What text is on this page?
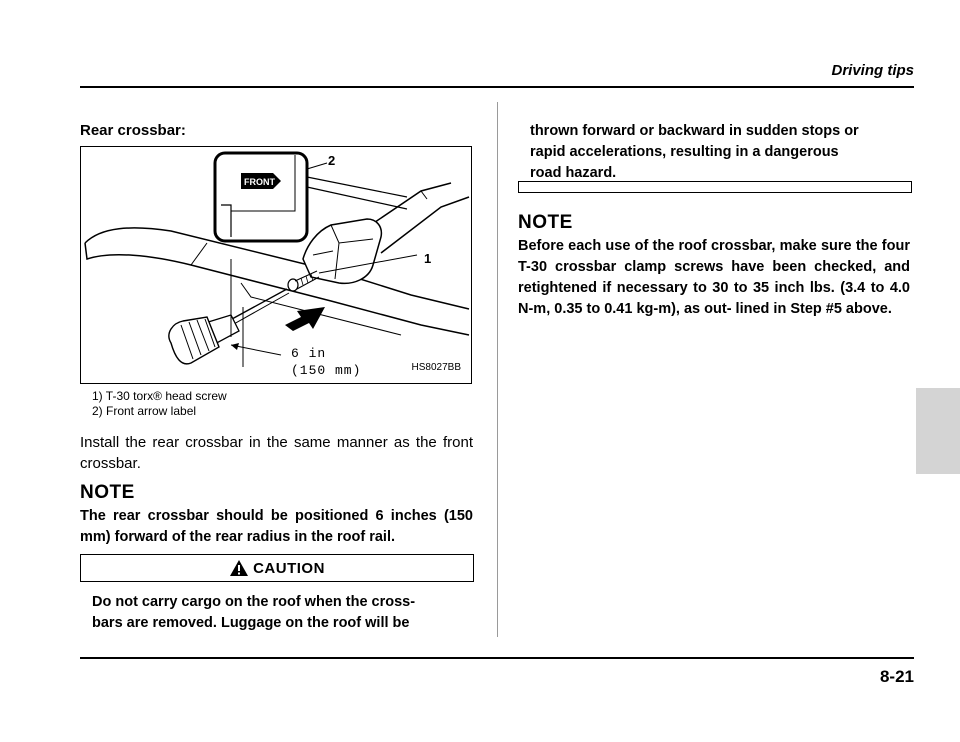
Driving tips
Rear crossbar:
FRONT
2
1
6 in
(150 mm)	HS8027BB
1) T-30 torx® head screw
2) Front arrow label
Install the rear crossbar in the same manner as the front crossbar.
NOTE
The rear crossbar should be positioned 6 inches (150 mm) forward of the rear radius in the roof rail.
CAUTION
Do not carry cargo on the roof when the cross-
bars are removed. Luggage on the roof will be
thrown forward or backward in sudden stops or
rapid accelerations, resulting in a dangerous
road hazard.
NOTE
Before each use of the roof crossbar, make sure the four T-30 crossbar clamp screws have been checked, and retightened if necessary to 30 to 35 inch lbs. (3.4 to 4.0 N-m, 0.35 to 0.41 kg-m), as out- lined in Step #5 above.
8-21
